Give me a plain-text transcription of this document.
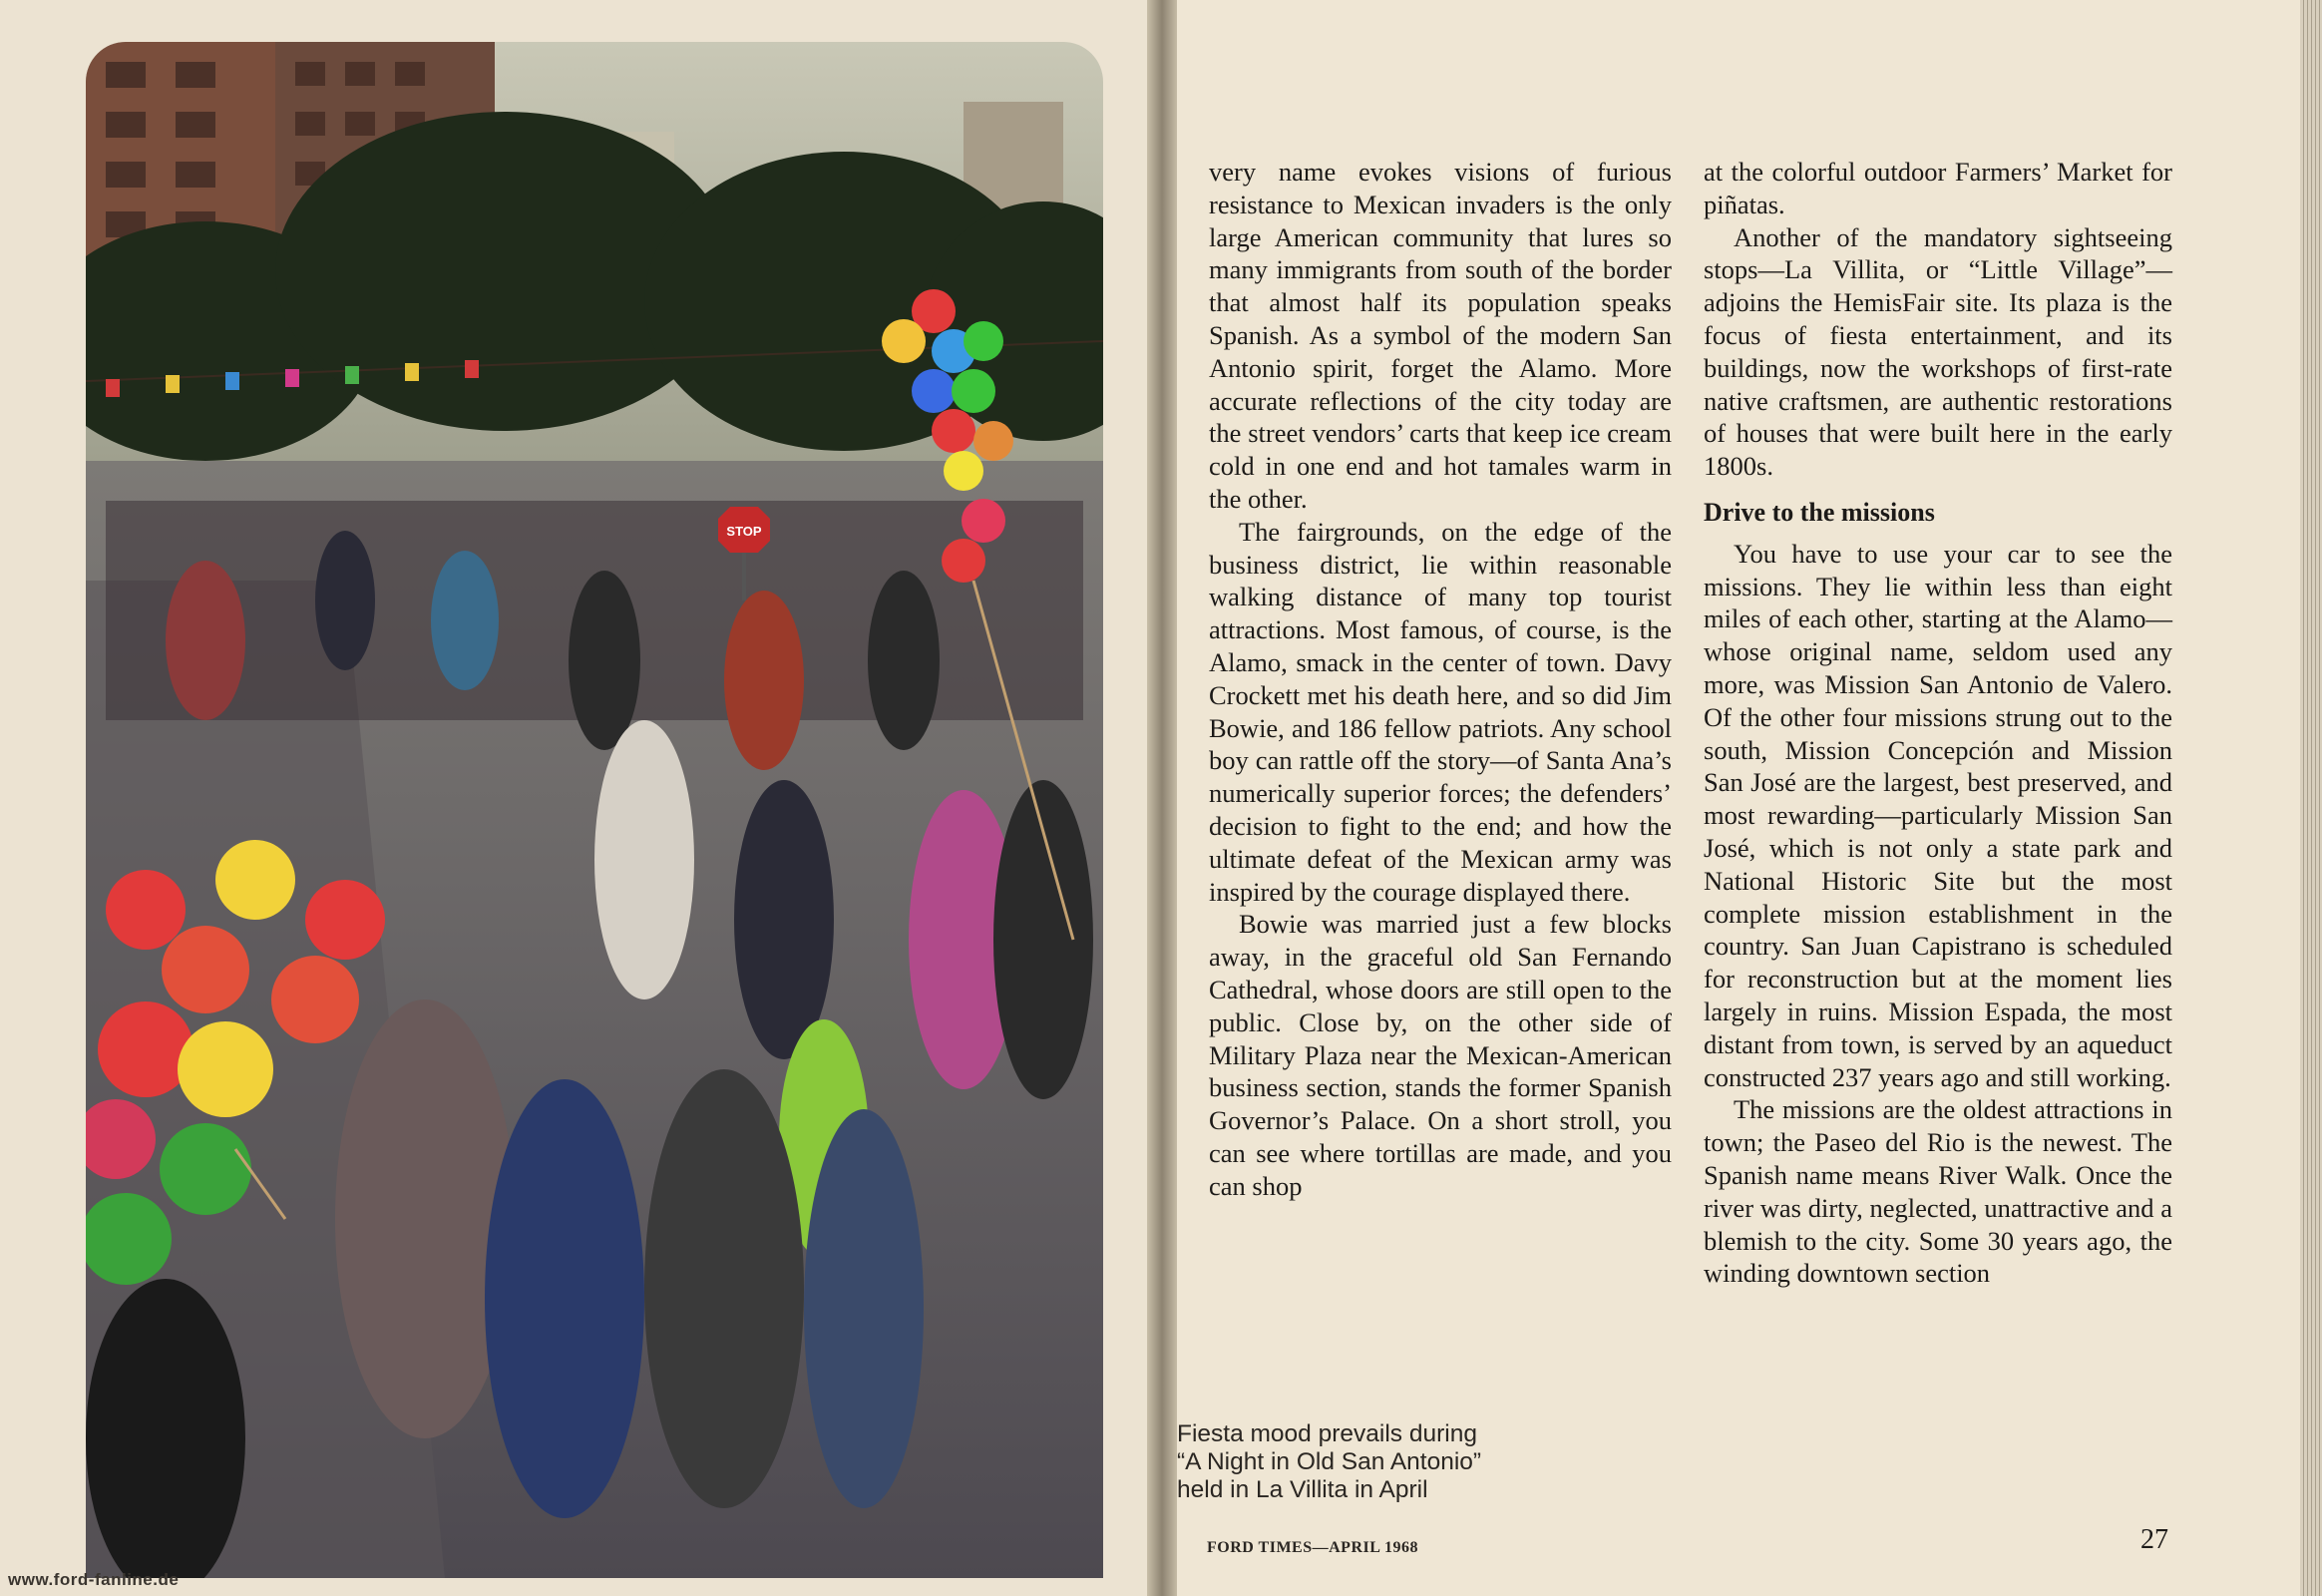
STOP

very name evokes visions of furious resistance to Mexican invaders is the only large American community that lures so many immigrants from south of the border that almost half its population speaks Spanish. As a symbol of the modern San Antonio spirit, forget the Alamo. More accurate reflections of the city today are the street vendors’ carts that keep ice cream cold in one end and hot tamales warm in the other.

The fairgrounds, on the edge of the business district, lie within reasonable walking distance of many top tourist attractions. Most famous, of course, is the Alamo, smack in the center of town. Davy Crockett met his death here, and so did Jim Bowie, and 186 fellow patriots. Any school boy can rattle off the story—of Santa Ana’s numerically superior forces; the defenders’ decision to fight to the end; and how the ultimate defeat of the Mexican army was inspired by the courage displayed there.

Bowie was married just a few blocks away, in the graceful old San Fernando Cathedral, whose doors are still open to the public. Close by, on the other side of Military Plaza near the Mexican-American business section, stands the former Spanish Governor’s Palace. On a short stroll, you can see where tortillas are made, and you can shop

Fiesta mood prevails during
“A Night in Old San Antonio”
held in La Villita in April

at the colorful outdoor Farmers’ Market for piñatas.

Another of the mandatory sightseeing stops—La Villita, or “Little Village”—adjoins the HemisFair site. Its plaza is the focus of fiesta entertainment, and its buildings, now the workshops of first-rate native craftsmen, are authentic restorations of houses that were built here in the early 1800s.

Drive to the missions

You have to use your car to see the missions. They lie within less than eight miles of each other, starting at the Alamo—whose original name, seldom used any more, was Mission San Antonio de Valero. Of the other four missions strung out to the south, Mission Concepción and Mission San José are the largest, best preserved, and most rewarding—particularly Mission San José, which is not only a state park and National Historic Site but the most complete mission establishment in the country. San Juan Capistrano is scheduled for reconstruction but at the moment lies largely in ruins. Mission Espada, the most distant from town, is served by an aqueduct constructed 237 years ago and still working.

The missions are the oldest attractions in town; the Paseo del Rio is the newest. The Spanish name means River Walk. Once the river was dirty, neglected, unattractive and a blemish to the city. Some 30 years ago, the winding downtown section

FORD TIMES—APRIL 1968	27
www.ford-fanline.de
